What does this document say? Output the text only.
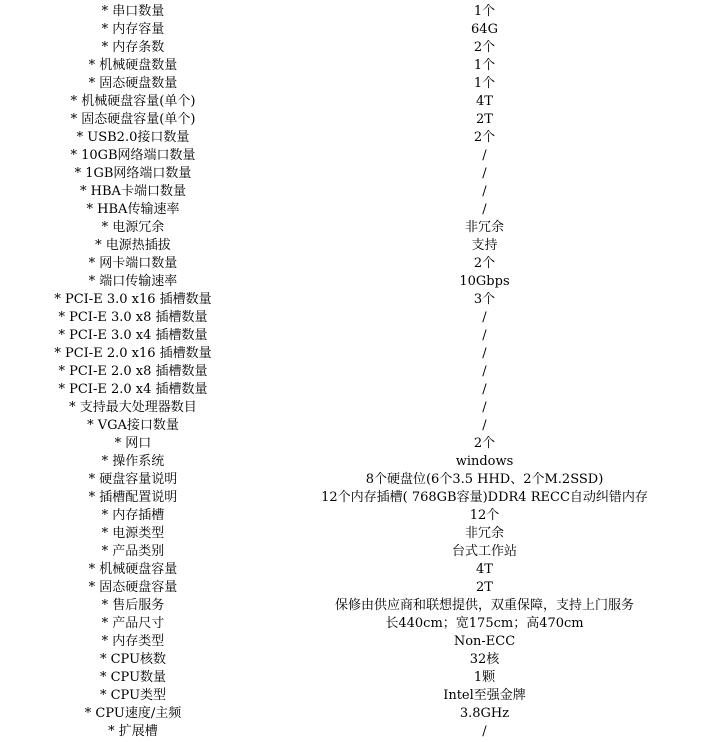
* 串口数量	1个
* 内存容量	64G
* 内存条数	2个
* 机械硬盘数量	1个
* 固态硬盘数量	1个
* 机械硬盘容量(单个)	4T
* 固态硬盘容量(单个)	2T
* USB2.0接口数量	2个
* 10GB网络端口数量	/
* 1GB网络端口数量	/
* HBA卡端口数量	/
* HBA传输速率	/
* 电源冗余	非冗余
* 电源热插拔	支持
* 网卡端口数量	2个
* 端口传输速率	10Gbps
* PCI-E 3.0 x16 插槽数量	3个
* PCI-E 3.0 x8 插槽数量	/
* PCI-E 3.0 x4 插槽数量	/
* PCI-E 2.0 x16 插槽数量	/
* PCI-E 2.0 x8 插槽数量	/
* PCI-E 2.0 x4 插槽数量	/
* 支持最大处理器数目	/
* VGA接口数量	/
* 网口	2个
* 操作系统	windows
* 硬盘容量说明	8个硬盘位(6个3.5 HHD、2个M.2SSD)
* 插槽配置说明	12个内存插槽( 768GB容量)DDR4 RECC自动纠错内存
* 内存插槽	12个
* 电源类型	非冗余
* 产品类别	台式工作站
* 机械硬盘容量	4T
* 固态硬盘容量	2T
* 售后服务	保修由供应商和联想提供，双重保障，支持上门服务
* 产品尺寸	长440cm；宽175cm；高470cm
* 内存类型	Non-ECC
* CPU核数	32核
* CPU数量	1颗
* CPU类型	Intel至强金牌
* CPU速度/主频	3.8GHz
* 扩展槽	/
